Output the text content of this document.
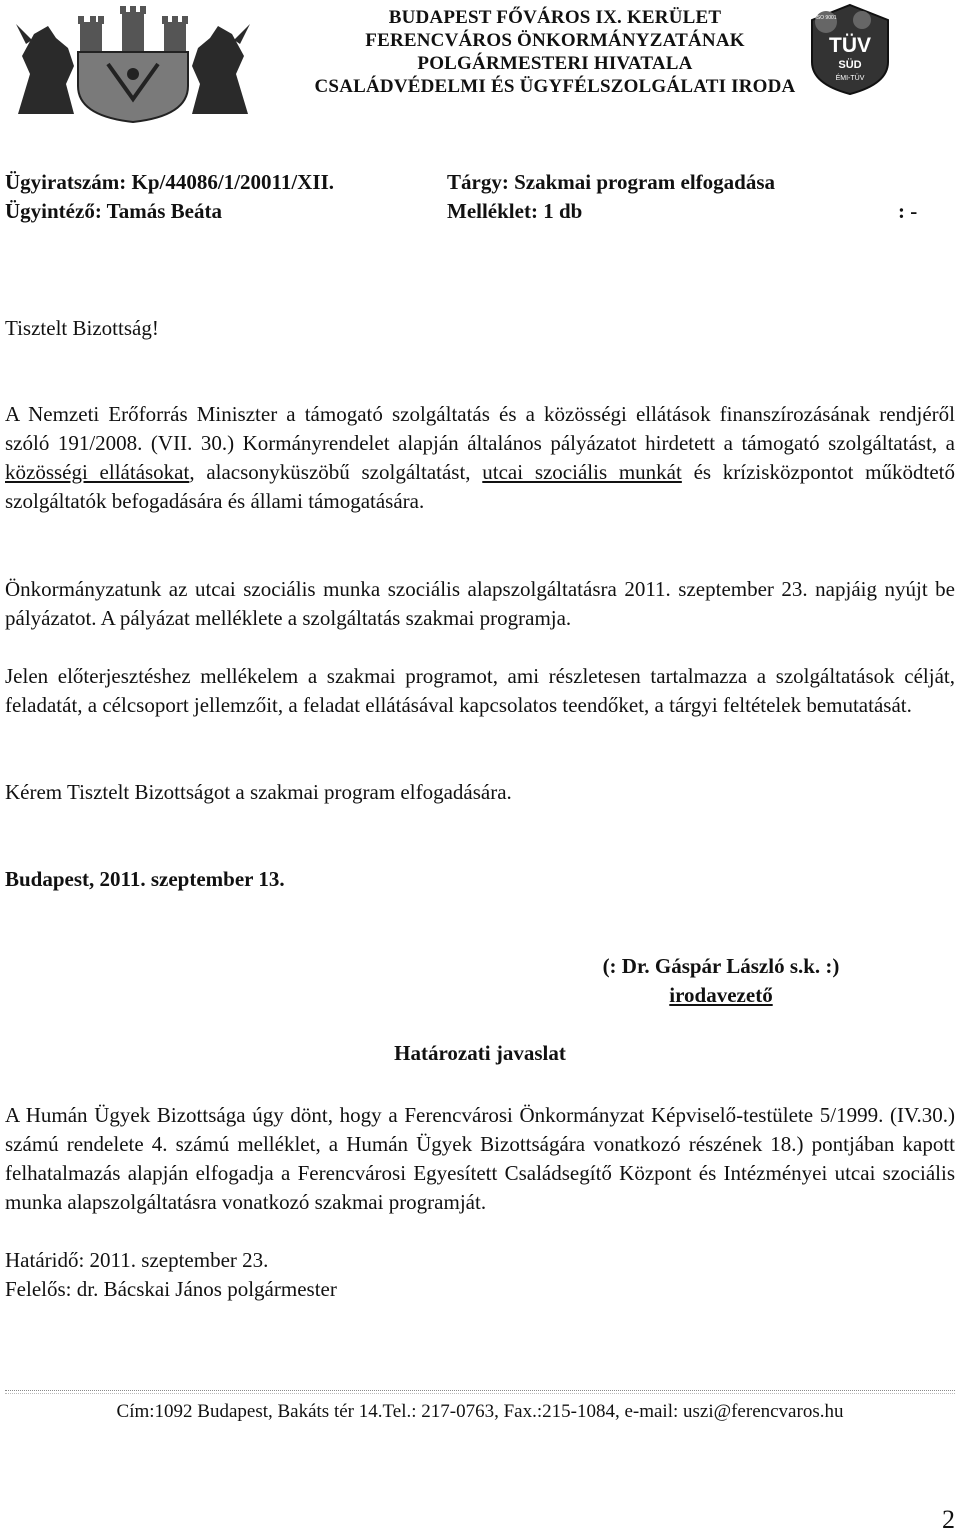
BUDAPEST FŐVÁROS IX. KERÜLET
FERENCVÁROS ÖNKORMÁNYZATÁNAK
POLGÁRMESTERI HIVATALA
CSALÁDVÉDELMI ÉS ÜGYFÉLSZOLGÁLATI IRODA
ISO 9001
TÜV
SÜD
ÉMI-TÜV
Ügyiratszám: Kp/44086/1/20011/XII.	Tárgy: Szakmai program elfogadása
Ügyintéző: Tamás Beáta	Melléklet: 1 db	: -
Tisztelt Bizottság!
A Nemzeti Erőforrás Miniszter a támogató szolgáltatás és a közösségi ellátások finanszírozásának rendjéről szóló 191/2008. (VII. 30.) Kormányrendelet alapján általános pályázatot hirdetett a támogató szolgáltatást, a közösségi ellátásokat, alacsonyküszöbű szolgáltatást, utcai szociális munkát és krízisközpontot működtető szolgáltatók befogadására és állami támogatására.
Önkormányzatunk az utcai szociális munka szociális alapszolgáltatásra 2011. szeptember 23. napjáig nyújt be pályázatot. A pályázat melléklete a szolgáltatás szakmai programja.
Jelen előterjesztéshez mellékelem a szakmai programot, ami részletesen tartalmazza a szolgáltatások célját, feladatát, a célcsoport jellemzőit, a feladat ellátásával kapcsolatos teendőket, a tárgyi feltételek bemutatását.
Kérem Tisztelt Bizottságot a szakmai program elfogadására.
Budapest, 2011. szeptember 13.
(: Dr. Gáspár László s.k. :)
irodavezető
Határozati javaslat
A Humán Ügyek Bizottsága úgy dönt, hogy a Ferencvárosi Önkormányzat Képviselő-testülete 5/1999. (IV.30.) számú rendelete 4. számú melléklet, a Humán Ügyek Bizottságára vonatkozó részének 18.) pontjában kapott felhatalmazás alapján elfogadja a Ferencvárosi Egyesített Családsegítő Központ és Intézményei utcai szociális munka alapszolgáltatásra vonatkozó szakmai programját.
Határidő: 2011. szeptember 23.
Felelős: dr. Bácskai János polgármester
Cím:1092 Budapest, Bakáts tér 14.Tel.: 217-0763, Fax.:215-1084, e-mail: uszi@ferencvaros.hu
2
